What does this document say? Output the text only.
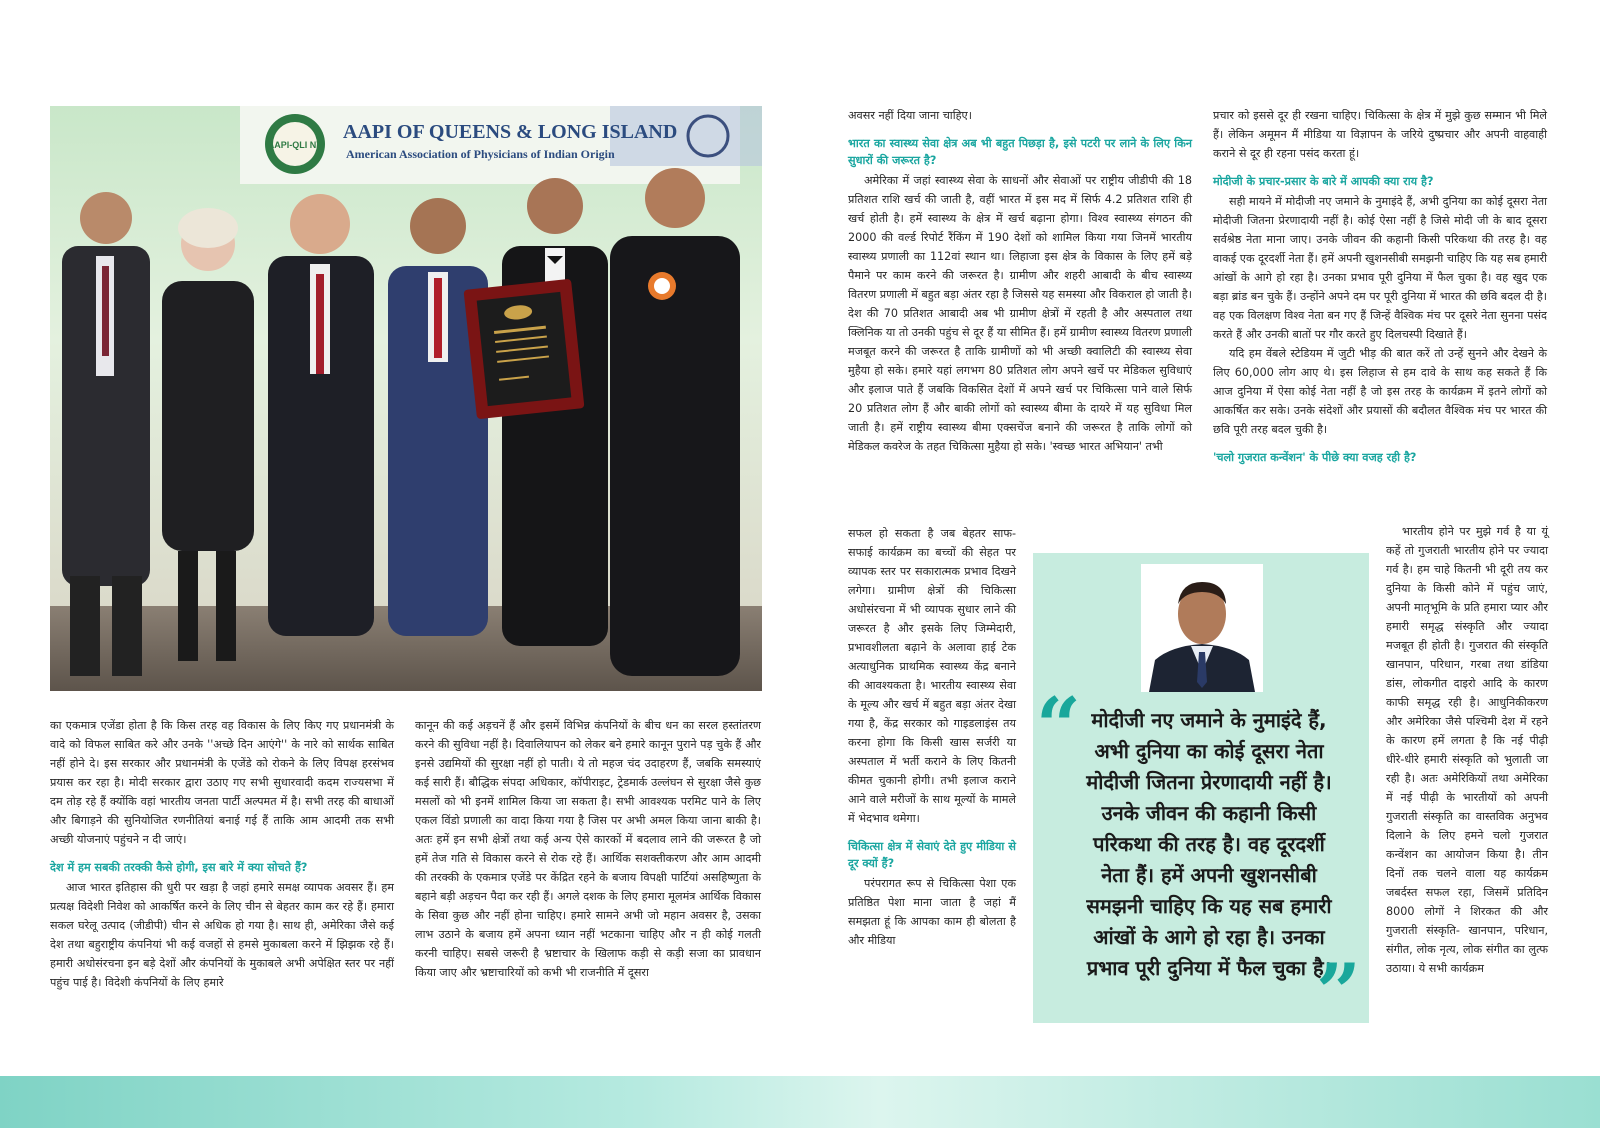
AAPI-QLI NY
AAPI OF QUEENS & LONG ISLAND
American Association of Physicians of Indian Origin

का एकमात्र एजेंडा होता है कि किस तरह वह विकास के लिए किए गए प्रधानमंत्री के वादे को विफल साबित करे और उनके ''अच्छे दिन आएंगे'' के नारे को सार्थक साबित नहीं होने दे। इस सरकार और प्रधानमंत्री के एजेंडे को रोकने के लिए विपक्ष हरसंभव प्रयास कर रहा है। मोदी सरकार द्वारा उठाए गए सभी सुधारवादी कदम राज्यसभा में दम तोड़ रहे हैं क्योंकि वहां भारतीय जनता पार्टी अल्पमत में है। सभी तरह की बाधाओं और बिगाड़ने की सुनियोजित रणनीतियां बनाई गई हैं ताकि आम आदमी तक सभी अच्छी योजनाएं पहुंचने न दी जाएं।

देश में हम सबकी तरक्की कैसे होगी, इस बारे में क्या सोचते हैं?

आज भारत इतिहास की धुरी पर खड़ा है जहां हमारे समक्ष व्यापक अवसर हैं। हम प्रत्यक्ष विदेशी निवेश को आकर्षित करने के लिए चीन से बेहतर काम कर रहे हैं। हमारा सकल घरेलू उत्पाद (जीडीपी) चीन से अधिक हो गया है। साथ ही, अमेरिका जैसे कई देश तथा बहुराष्ट्रीय कंपनियां भी कई वजहों से हमसे मुकाबला करने में झिझक रहे हैं। हमारी अधोसंरचना इन बड़े देशों और कंपनियों के मुकाबले अभी अपेक्षित स्तर पर नहीं पहुंच पाई है। विदेशी कंपनियों के लिए हमारे

कानून की कई अड़चनें हैं और इसमें विभिन्न कंपनियों के बीच धन का सरल हस्तांतरण करने की सुविधा नहीं है। दिवालियापन को लेकर बने हमारे कानून पुराने पड़ चुके हैं और इनसे उद्यमियों की सुरक्षा नहीं हो पाती। ये तो महज चंद उदाहरण हैं, जबकि समस्याएं कई सारी हैं। बौद्धिक संपदा अधिकार, कॉपीराइट, ट्रेडमार्क उल्लंघन से सुरक्षा जैसे कुछ मसलों को भी इनमें शामिल किया जा सकता है। सभी आवश्यक परमिट पाने के लिए एकल विंडो प्रणाली का वादा किया गया है जिस पर अभी अमल किया जाना बाकी है। अतः हमें इन सभी क्षेत्रों तथा कई अन्य ऐसे कारकों में बदलाव लाने की जरूरत है जो हमें तेज गति से विकास करने से रोक रहे हैं। आर्थिक सशक्तीकरण और आम आदमी की तरक्की के एकमात्र एजेंडे पर केंद्रित रहने के बजाय विपक्षी पार्टियां असहिष्णुता के बहाने बड़ी अड़चन पैदा कर रही हैं। अगले दशक के लिए हमारा मूलमंत्र आर्थिक विकास के सिवा कुछ और नहीं होना चाहिए। हमारे सामने अभी जो महान अवसर है, उसका लाभ उठाने के बजाय हमें अपना ध्यान नहीं भटकाना चाहिए और न ही कोई गलती करनी चाहिए। सबसे जरूरी है भ्रष्टाचार के खिलाफ कड़ी से कड़ी सजा का प्रावधान किया जाए और भ्रष्टाचारियों को कभी भी राजनीति में दूसरा

अवसर नहीं दिया जाना चाहिए।

भारत का स्वास्थ्य सेवा क्षेत्र अब भी बहुत पिछड़ा है, इसे पटरी पर लाने के लिए किन सुधारों की जरूरत है?

अमेरिका में जहां स्वास्थ्य सेवा के साधनों और सेवाओं पर राष्ट्रीय जीडीपी की 18 प्रतिशत राशि खर्च की जाती है, वहीं भारत में इस मद में सिर्फ 4.2 प्रतिशत राशि ही खर्च होती है। हमें स्वास्थ्य के क्षेत्र में खर्च बढ़ाना होगा। विश्व स्वास्थ्य संगठन की 2000 की वर्ल्ड रिपोर्ट रैंकिंग में 190 देशों को शामिल किया गया जिनमें भारतीय स्वास्थ्य प्रणाली का 112वां स्थान था। लिहाजा इस क्षेत्र के विकास के लिए हमें बड़े पैमाने पर काम करने की जरूरत है। ग्रामीण और शहरी आबादी के बीच स्वास्थ्य वितरण प्रणाली में बहुत बड़ा अंतर रहा है जिससे यह समस्या और विकराल हो जाती है। देश की 70 प्रतिशत आबादी अब भी ग्रामीण क्षेत्रों में रहती है और अस्पताल तथा क्लिनिक या तो उनकी पहुंच से दूर हैं या सीमित हैं। हमें ग्रामीण स्वास्थ्य वितरण प्रणाली मजबूत करने की जरूरत है ताकि ग्रामीणों को भी अच्छी क्वालिटी की स्वास्थ्य सेवा मुहैया हो सके। हमारे यहां लगभग 80 प्रतिशत लोग अपने खर्चे पर मेडिकल सुविधाएं और इलाज पाते हैं जबकि विकसित देशों में अपने खर्च पर चिकित्सा पाने वाले सिर्फ 20 प्रतिशत लोग हैं और बाकी लोगों को स्वास्थ्य बीमा के दायरे में यह सुविधा मिल जाती है। हमें राष्ट्रीय स्वास्थ्य बीमा एक्सचेंज बनाने की जरूरत है ताकि लोगों को मेडिकल कवरेज के तहत चिकित्सा मुहैया हो सके। 'स्वच्छ भारत अभियान' तभी

सफल हो सकता है जब बेहतर साफ-सफाई कार्यक्रम का बच्चों की सेहत पर व्यापक स्तर पर सकारात्मक प्रभाव दिखने लगेगा। ग्रामीण क्षेत्रों की चिकित्सा अधोसंरचना में भी व्यापक सुधार लाने की जरूरत है और इसके लिए जिम्मेदारी, प्रभावशीलता बढ़ाने के अलावा हाई टेक अत्याधुनिक प्राथमिक स्वास्थ्य केंद्र बनाने की आवश्यकता है। भारतीय स्वास्थ्य सेवा के मूल्य और खर्च में बहुत बड़ा अंतर देखा गया है, केंद्र सरकार को गाइडलाइंस तय करना होगा कि किसी खास सर्जरी या अस्पताल में भर्ती कराने के लिए कितनी कीमत चुकानी होगी। तभी इलाज कराने आने वाले मरीजों के साथ मूल्यों के मामले में भेदभाव थमेगा।

चिकित्सा क्षेत्र में सेवाएं देते हुए मीडिया से दूर क्यों हैं?

परंपरागत रूप से चिकित्सा पेशा एक प्रतिष्ठित पेशा माना जाता है जहां मैं समझता हूं कि आपका काम ही बोलता है और मीडिया

प्रचार को इससे दूर ही रखना चाहिए। चिकित्सा के क्षेत्र में मुझे कुछ सम्मान भी मिले हैं। लेकिन अमूमन मैं मीडिया या विज्ञापन के जरिये दुष्प्रचार और अपनी वाहवाही कराने से दूर ही रहना पसंद करता हूं।

मोदीजी के प्रचार-प्रसार के बारे में आपकी क्या राय है?

सही मायने में मोदीजी नए जमाने के नुमाइंदे हैं, अभी दुनिया का कोई दूसरा नेता मोदीजी जितना प्रेरणादायी नहीं है। कोई ऐसा नहीं है जिसे मोदी जी के बाद दूसरा सर्वश्रेष्ठ नेता माना जाए। उनके जीवन की कहानी किसी परिकथा की तरह है। वह वाकई एक दूरदर्शी नेता हैं। हमें अपनी खुशनसीबी समझनी चाहिए कि यह सब हमारी आंखों के आगे हो रहा है। उनका प्रभाव पूरी दुनिया में फैल चुका है। वह खुद एक बड़ा ब्रांड बन चुके हैं। उन्होंने अपने दम पर पूरी दुनिया में भारत की छवि बदल दी है। वह एक विलक्षण विश्व नेता बन गए हैं जिन्हें वैश्विक मंच पर दूसरे नेता सुनना पसंद करते हैं और उनकी बातों पर गौर करते हुए दिलचस्पी दिखाते हैं।

यदि हम वेंबले स्टेडियम में जुटी भीड़ की बात करें तो उन्हें सुनने और देखने के लिए 60,000 लोग आए थे। इस लिहाज से हम दावे के साथ कह सकते हैं कि आज दुनिया में ऐसा कोई नेता नहीं है जो इस तरह के कार्यक्रम में इतने लोगों को आकर्षित कर सके। उनके संदेशों और प्रयासों की बदौलत वैश्विक मंच पर भारत की छवि पूरी तरह बदल चुकी है।

'चलो गुजरात कन्वेंशन' के पीछे क्या वजह रही है?

भारतीय होने पर मुझे गर्व है या यूं कहें तो गुजराती भारतीय होने पर ज्यादा गर्व है। हम चाहे कितनी भी दूरी तय कर दुनिया के किसी कोने में पहुंच जाएं, अपनी मातृभूमि के प्रति हमारा प्यार और हमारी समृद्ध संस्कृति और ज्यादा मजबूत ही होती है। गुजरात की संस्कृति खानपान, परिधान, गरबा तथा डांडिया डांस, लोकगीत दाइरो आदि के कारण काफी समृद्ध रही है। आधुनिकीकरण और अमेरिका जैसे पश्चिमी देश में रहने के कारण हमें लगता है कि नई पीढ़ी धीरे-धीरे हमारी संस्कृति को भुलाती जा रही है। अतः अमेरिकियों तथा अमेरिका में नई पीढ़ी के भारतीयों को अपनी गुजराती संस्कृति का वास्तविक अनुभव दिलाने के लिए हमने चलो गुजरात कन्वेंशन का आयोजन किया है। तीन दिनों तक चलने वाला यह कार्यक्रम जबर्दस्त सफल रहा, जिसमें प्रतिदिन 8000 लोगों ने शिरकत की और गुजराती संस्कृति- खानपान, परिधान, संगीत, लोक नृत्य, लोक संगीत का लुत्फ उठाया। ये सभी कार्यक्रम

“ मोदीजी नए जमाने के नुमाइंदे हैं, अभी दुनिया का कोई दूसरा नेता मोदीजी जितना प्रेरणादायी नहीं है। उनके जीवन की कहानी किसी परिकथा की तरह है। वह दूरदर्शी नेता हैं। हमें अपनी खुशनसीबी समझनी चाहिए कि यह सब हमारी आंखों के आगे हो रहा है। उनका प्रभाव पूरी दुनिया में फैल चुका है।
”
